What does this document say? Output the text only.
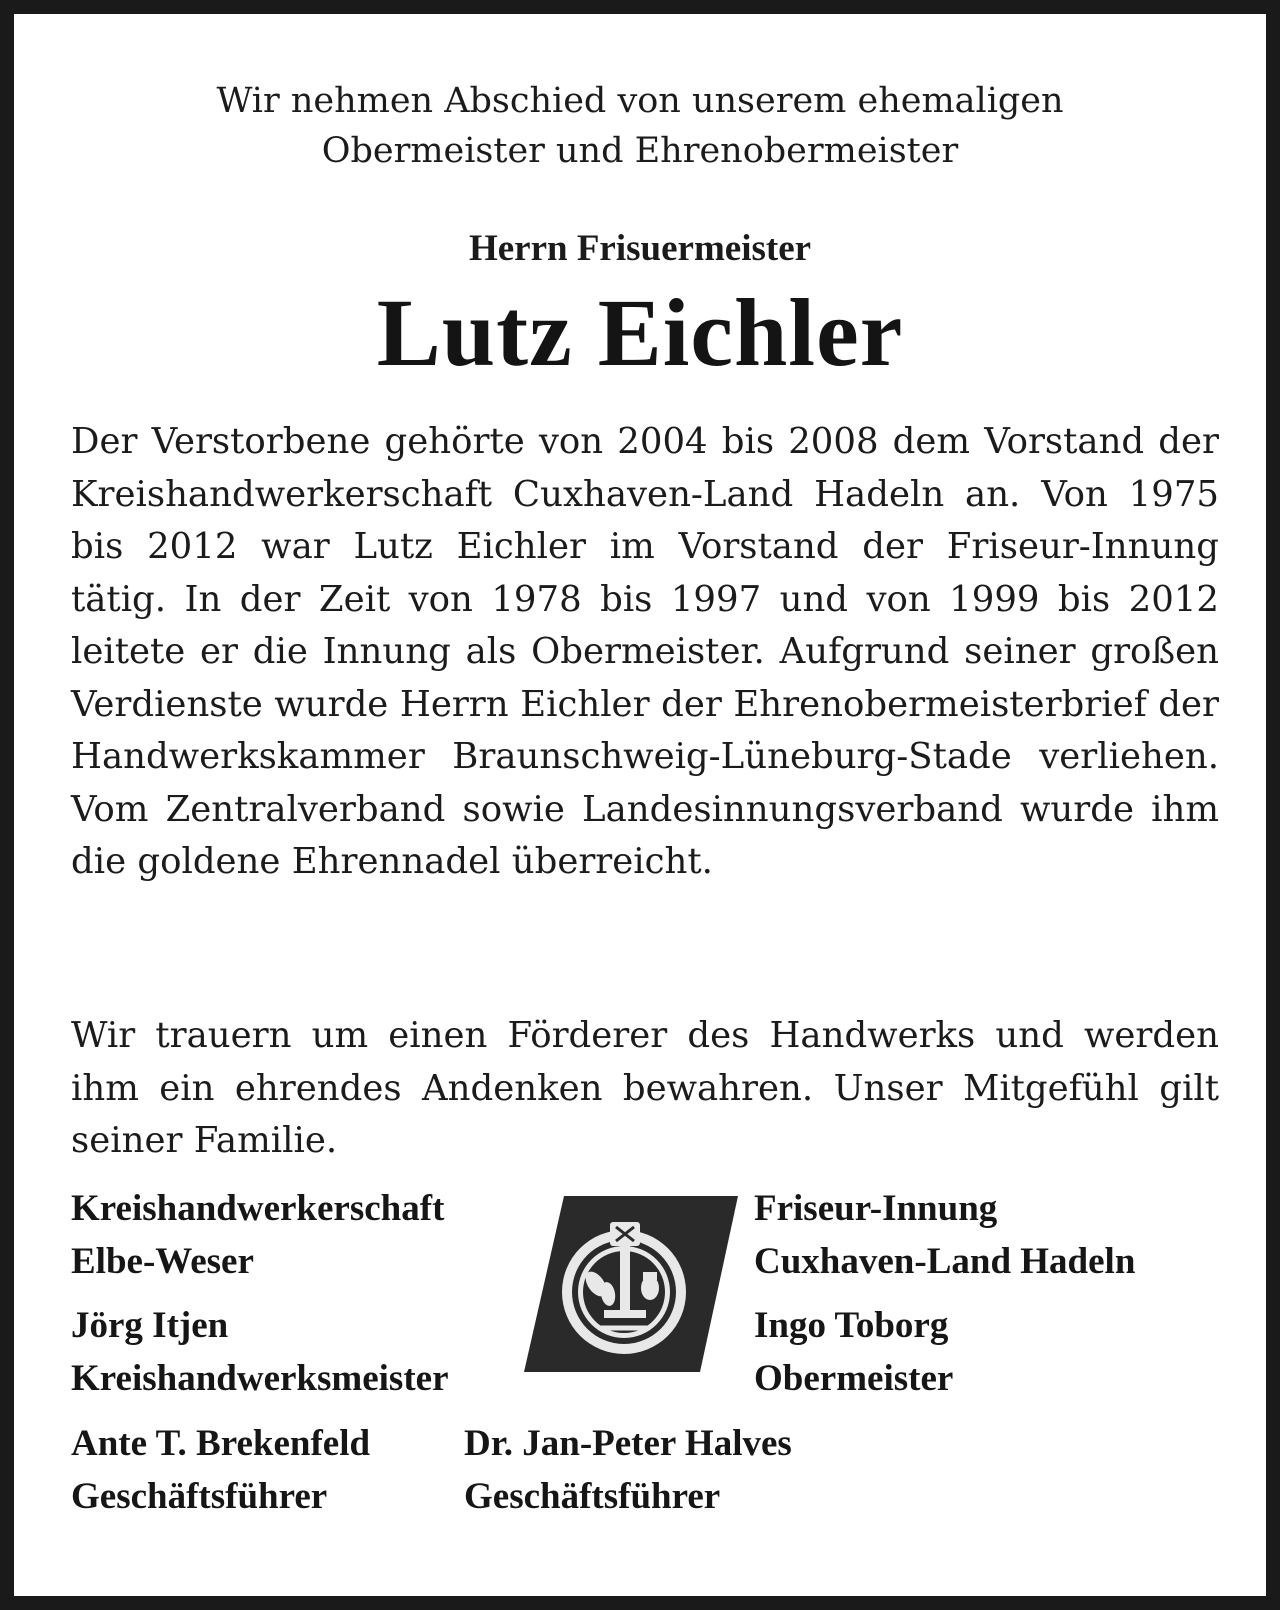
Wir nehmen Abschied von unserem ehemaligen
Obermeister und Ehrenobermeister
Herrn Frisuermeister
Lutz Eichler

Der Verstorbene gehörte von 2004 bis 2008 dem Vorstand der Kreishandwerkerschaft Cuxhaven-Land Hadeln an. Von 1975 bis 2012 war Lutz Eichler im Vorstand der Friseur-Innung tätig. In der Zeit von 1978 bis 1997 und von 1999 bis 2012 leitete er die Innung als Obermeister. Aufgrund seiner großen Verdienste wurde Herrn Eichler der Ehrenobermeisterbrief der Handwerkskammer Braunschweig-Lüneburg-Stade verliehen. Vom Zentralverband sowie Landesinnungsverband wurde ihm die goldene Ehrennadel überreicht.

Wir trauern um einen Förderer des Handwerks und werden ihm ein ehrendes Andenken bewahren. Unser Mitgefühl gilt seiner Familie.

Kreishandwerkerschaft
Elbe-Weser
Jörg Itjen
Kreishandwerksmeister
Friseur-Innung
Cuxhaven-Land Hadeln
Ingo Toborg
Obermeister
Ante T. Brekenfeld
Geschäftsführer
Dr. Jan-Peter Halves
Geschäftsführer
